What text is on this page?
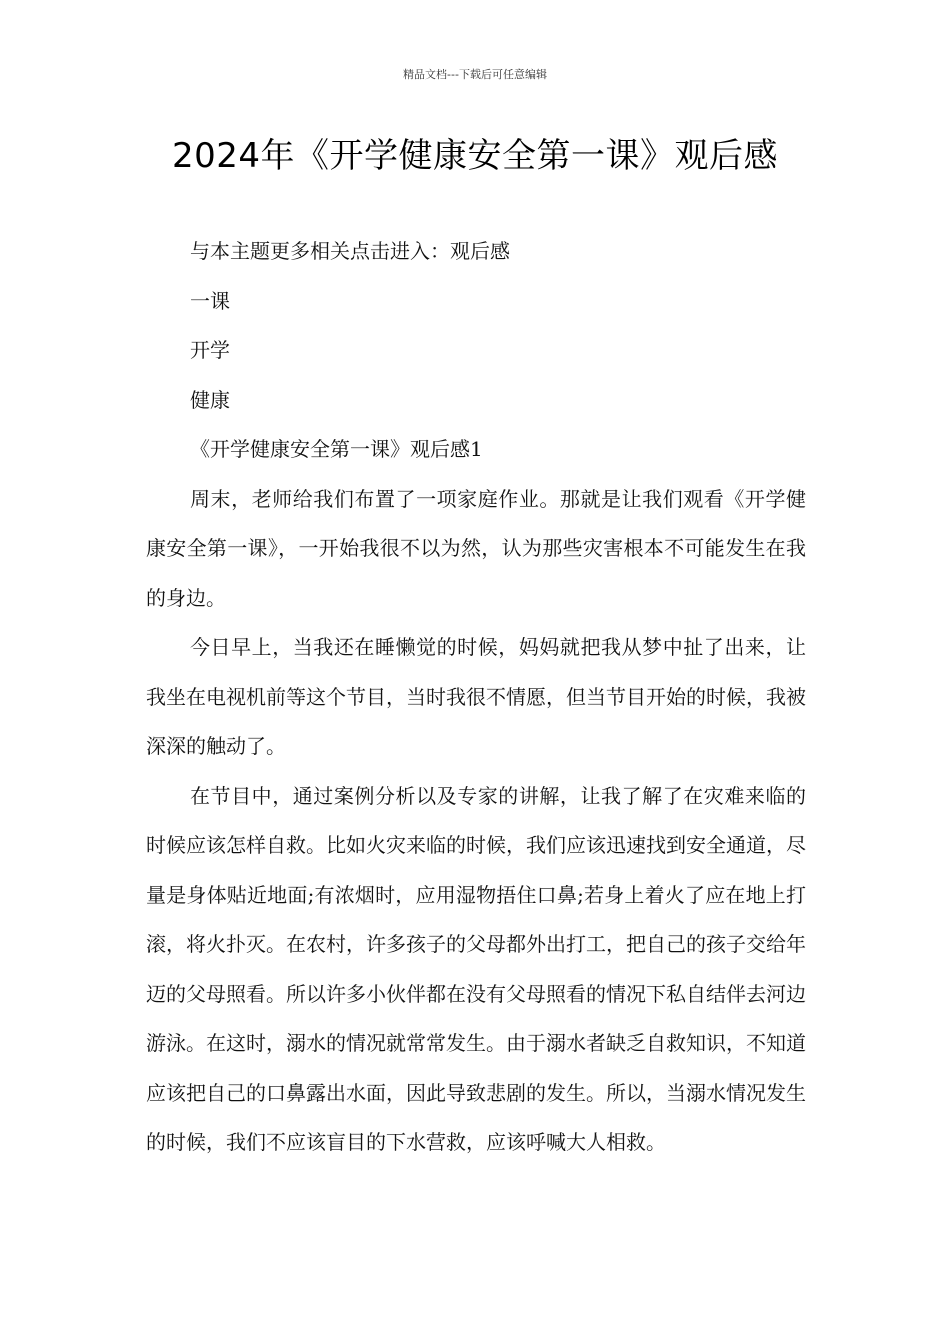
精品文档---下载后可任意编辑
2024年《开学健康安全第一课》观后感

与本主题更多相关点击进入：观后感

一课

开学

健康

《开学健康安全第一课》观后感1

周末，老师给我们布置了一项家庭作业。那就是让我们观看《开学健康安全第一课》，一开始我很不以为然，认为那些灾害根本不可能发生在我的身边。

今日早上，当我还在睡懒觉的时候，妈妈就把我从梦中扯了出来，让我坐在电视机前等这个节目，当时我很不情愿，但当节目开始的时候，我被深深的触动了。

在节目中，通过案例分析以及专家的讲解，让我了解了在灾难来临的时候应该怎样自救。比如火灾来临的时候，我们应该迅速找到安全通道，尽量是身体贴近地面;有浓烟时，应用湿物捂住口鼻;若身上着火了应在地上打滚，将火扑灭。在农村，许多孩子的父母都外出打工，把自己的孩子交给年迈的父母照看。所以许多小伙伴都在没有父母照看的情况下私自结伴去河边游泳。在这时，溺水的情况就常常发生。由于溺水者缺乏自救知识，不知道应该把自己的口鼻露出水面，因此导致悲剧的发生。所以，当溺水情况发生的时候，我们不应该盲目的下水营救，应该呼喊大人相救。
